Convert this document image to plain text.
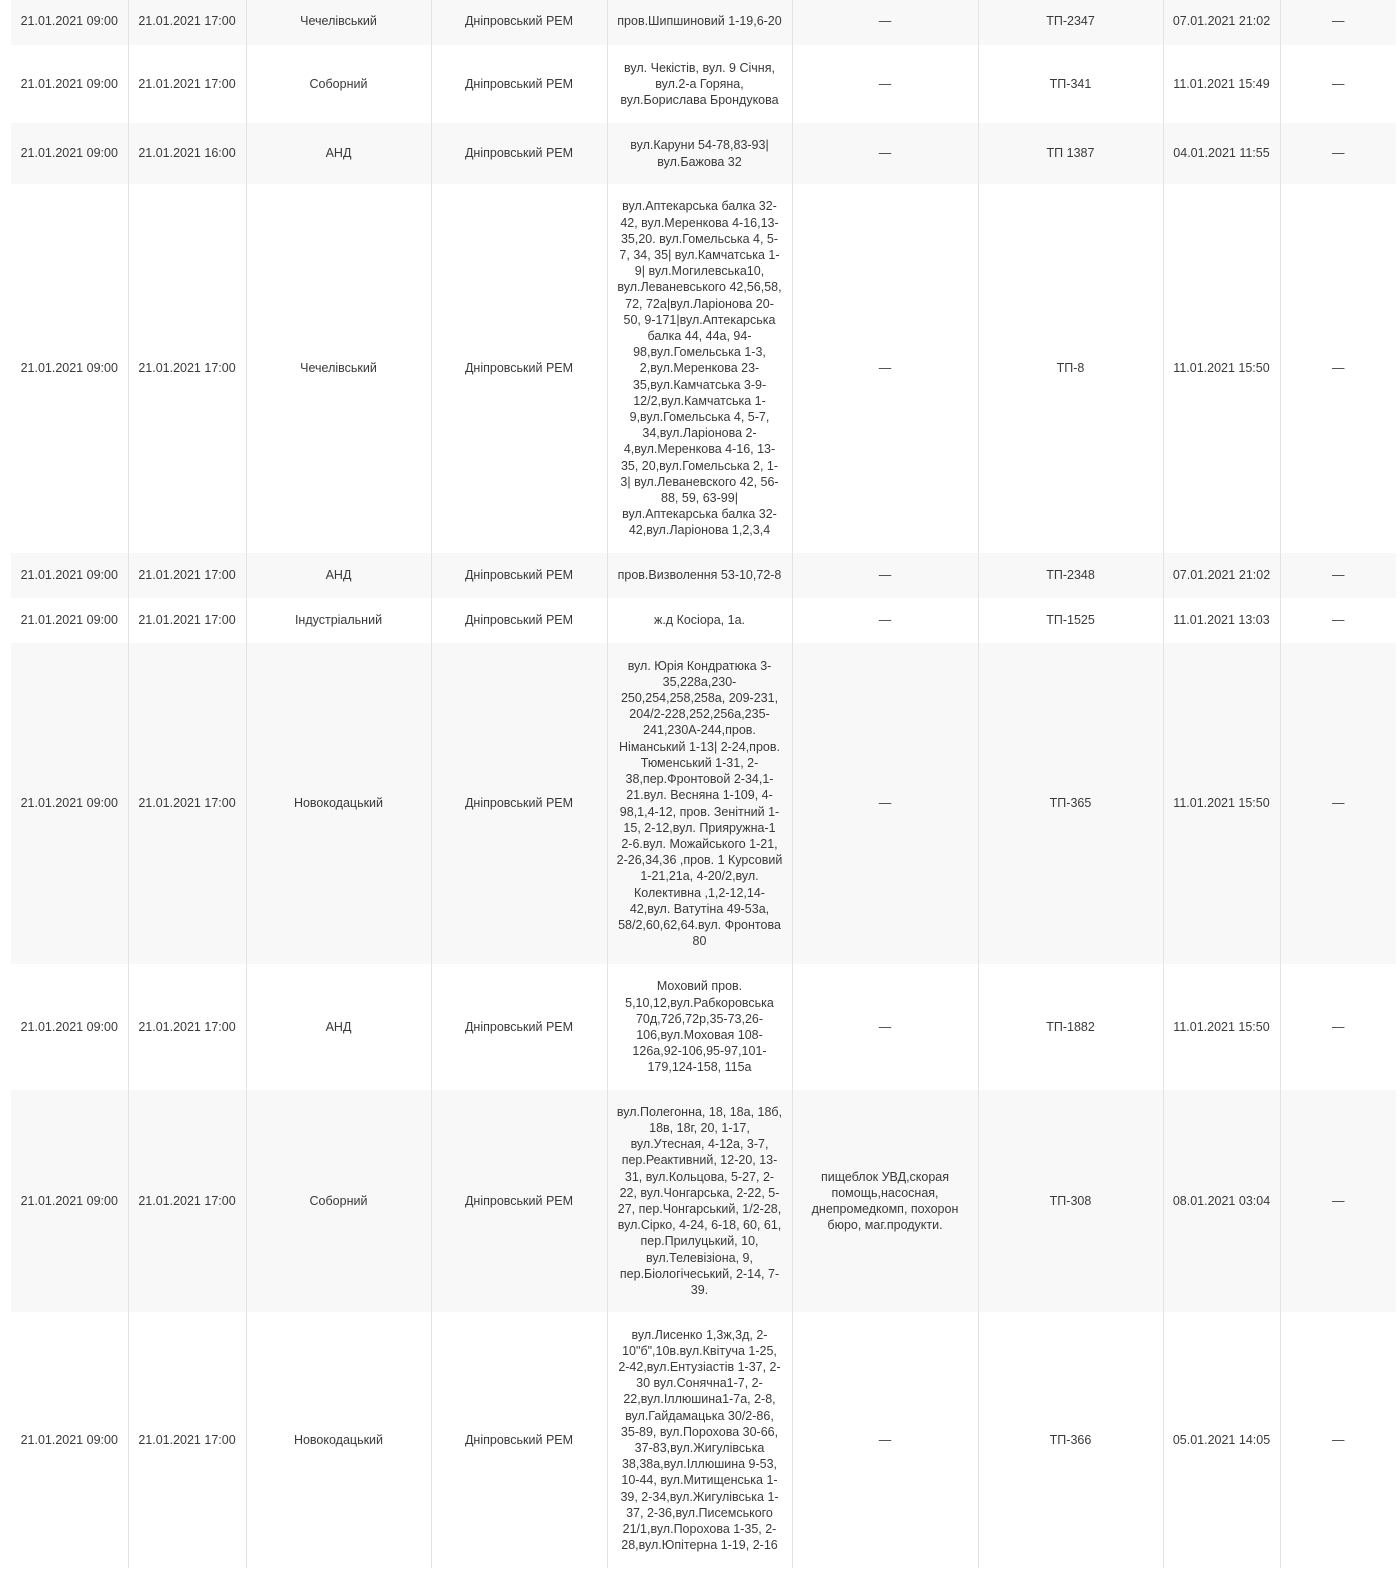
21.01.2021 09:00	21.01.2021 17:00	Чечелівський	Дніпровський РЕМ	пров.Шипшиновий 1-19,6-20	—	ТП-2347	07.01.2021 21:02	—
21.01.2021 09:00	21.01.2021 17:00	Соборний	Дніпровський РЕМ	вул. Чекістів, вул. 9 Січня, вул.2-а Горяна, вул.Борислава Брондукова	—	ТП-341	11.01.2021 15:49	—
21.01.2021 09:00	21.01.2021 16:00	АНД	Дніпровський РЕМ	вул.Каруни 54-78,83-93| вул.Бажова 32	—	ТП 1387	04.01.2021 11:55	—
21.01.2021 09:00	21.01.2021 17:00	Чечелівський	Дніпровський РЕМ	вул.Аптекарська балка 32-42, вул.Меренкова 4-16,13-35,20. вул.Гомельська 4, 5-7, 34, 35| вул.Камчатська 1-9| вул.Могилевська10, вул.Леваневського 42,56,58, 72, 72а|вул.Ларіонова 20-50, 9-171|вул.Аптекарська балка 44, 44а, 94-98,вул.Гомельська 1-3, 2,вул.Меренкова 23-35,вул.Камчатська 3-9-12/2,вул.Камчатська 1-9,вул.Гомельська 4, 5-7, 34,вул.Ларіонова 2-4,вул.Меренкова 4-16, 13-35, 20,вул.Гомельська 2, 1-3| вул.Леваневского 42, 56-88, 59, 63-99|вул.Аптекарська балка 32-42,вул.Ларіонова 1,2,3,4	—	ТП-8	11.01.2021 15:50	—
21.01.2021 09:00	21.01.2021 17:00	АНД	Дніпровський РЕМ	пров.Визволення 53-10,72-8	—	ТП-2348	07.01.2021 21:02	—
21.01.2021 09:00	21.01.2021 17:00	Індустріальний	Дніпровський РЕМ	ж.д Косіора, 1а.	—	ТП-1525	11.01.2021 13:03	—
21.01.2021 09:00	21.01.2021 17:00	Новокодацький	Дніпровський РЕМ	вул. Юрія Кондратюка 3-35,228а,230-250,254,258,258а, 209-231, 204/2-228,252,256а,235-241,230А-244,пров. Німанський 1-13| 2-24,пров. Тюменський 1-31, 2-38,пер.Фронтовой 2-34,1-21.вул. Весняна 1-109, 4-98,1,4-12, пров. Зенітний 1-15, 2-12,вул. Прияружна-1 2-6.вул. Можайського 1-21, 2-26,34,36 ,пров. 1 Курсовий 1-21,21а, 4-20/2,вул. Колективна ,1,2-12,14-42,вул. Ватутіна 49-53а, 58/2,60,62,64.вул. Фронтова 80	—	ТП-365	11.01.2021 15:50	—
21.01.2021 09:00	21.01.2021 17:00	АНД	Дніпровський РЕМ	Моховий пров. 5,10,12,вул.Рабкоровська 70д,72б,72р,35-73,26-106,вул.Моховая 108-126а,92-106,95-97,101-179,124-158, 115а	—	ТП-1882	11.01.2021 15:50	—
21.01.2021 09:00	21.01.2021 17:00	Соборний	Дніпровський РЕМ	вул.Полегонна, 18, 18а, 18б, 18в, 18г, 20, 1-17, вул.Утесная, 4-12а, 3-7, пер.Реактивний, 12-20, 13-31, вул.Кольцова, 5-27, 2-22, вул.Чонгарська, 2-22, 5-27, пер.Чонгарський, 1/2-28, вул.Сірко, 4-24, 6-18, 60, 61, пер.Прилуцький, 10, вул.Телевізіона, 9, пер.Біологічеський, 2-14, 7-39.	пищеблок УВД,скорая помощь,насосная, днепромедкомп, похорон бюро, маг.продукти.	ТП-308	08.01.2021 03:04	—
21.01.2021 09:00	21.01.2021 17:00	Новокодацький	Дніпровський РЕМ	вул.Лисенко 1,3ж,3д, 2-10"б",10в.вул.Квітуча 1-25, 2-42,вул.Ентузіастів 1-37, 2-30 вул.Сонячна1-7, 2-22,вул.Іллюшина1-7а, 2-8, вул.Гайдамацька 30/2-86, 35-89, вул.Порохова 30-66, 37-83,вул.Жигулівська 38,38а,вул.Іллюшина 9-53, 10-44, вул.Митищенська 1-39, 2-34,вул.Жигулівська 1-37, 2-36,вул.Писемського 21/1,вул.Порохова 1-35, 2-28,вул.Юпітерна 1-19, 2-16	—	ТП-366	05.01.2021 14:05	—
